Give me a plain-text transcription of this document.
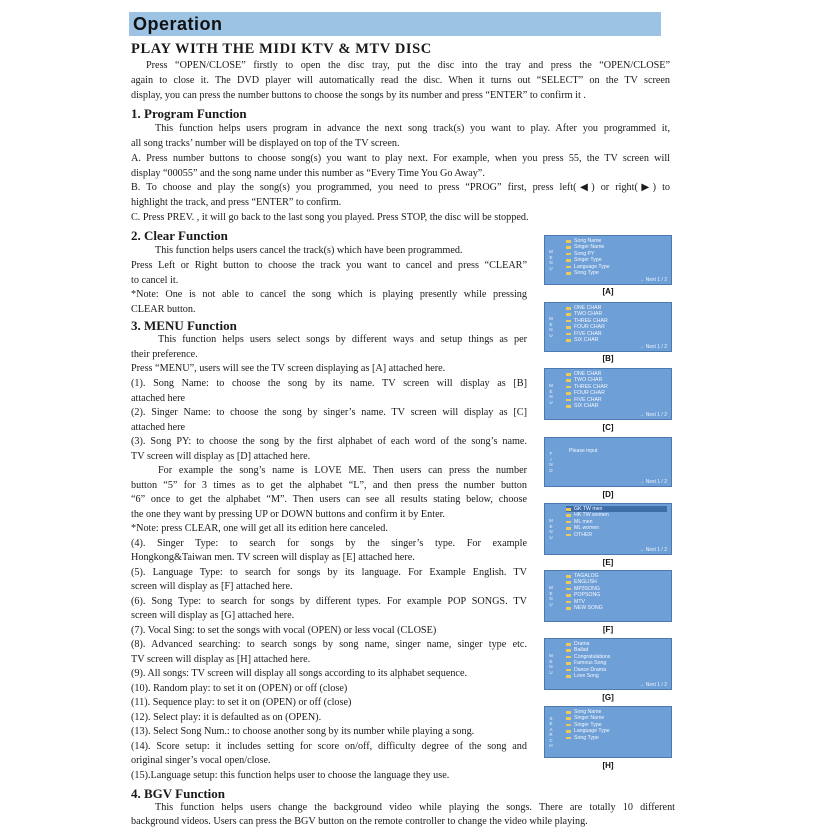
Operation
PLAY WITH THE MIDI KTV & MTV DISC
Press “OPEN/CLOSE” firstly to open the disc tray, put the disc into the tray and press the “OPEN/CLOSE”
again to close it. The DVD player will automatically read the disc. When it turns out “SELECT” on the TV screen
display, you can press the number buttons to choose the songs by its number and press “ENTER” to confirm it .
1. Program Function
This function helps users program in advance the next song track(s) you want to play. After you programmed it,
all song tracks’ number will be displayed on top of the TV screen.
A. Press number buttons to choose song(s) you want to play next. For example, when you press 55, the TV screen will
display “00055” and the song name under this number as “Every Time You Go Away”.
B. To choose and play the song(s) you programmed, you need to press “PROG” first, press left(◀) or right(▶) to
highlight the track, and press “ENTER” to confirm.
C. Press PREV. , it will go back to the last song you played. Press STOP, the disc will be stopped.
2. Clear Function
This function helps users cancel the track(s) which have been programmed.
Press Left or Right button to choose the track you want to cancel and press “CLEAR”
to cancel it.
*Note: One is not able to cancel the song which is playing presently while pressing
CLEAR button.
3. MENU Function
This function helps users select songs by different ways and setup things as per
their preference.
Press “MENU”, users will see the TV screen displaying as [A] attached here.
(1). Song Name: to choose the song by its name. TV screen will display as [B]
attached here
(2). Singer Name: to choose the song by singer’s name. TV screen will display as [C]
attached here
(3). Song PY: to choose the song by the first alphabet of each word of the song’s name.
TV screen will display as [D] attached here.
For example the song’s name is LOVE ME. Then users can press the number
button “5” for 3 times as to get the alphabet “L”, and then press the number button
“6” once to get the alphabet “M”. Then users can see all results stating below, choose
the one they want by pressing UP or DOWN buttons and confirm it by Enter.
*Note: press CLEAR, one will get all its edition here canceled.
(4). Singer Type: to search for songs by the singer’s type. For example
Hongkong&Taiwan men. TV screen will display as [E] attached here.
(5). Language Type: to search for songs by its language. For Example English. TV
screen will display as [F] attached here.
(6). Song Type: to search for songs by different types. For example POP SONGS. TV
screen will display as [G] attached here.
(7). Vocal Sing: to set the songs with vocal (OPEN) or less vocal (CLOSE)
(8). Advanced searching: to search songs by song name, singer name, singer type etc.
TV screen will display as [H] attached here.
(9). All songs: TV screen will display all songs according to its alphabet sequence.
(10). Random play: to set it on (OPEN) or off (close)
(11). Sequence play: to set it on (OPEN) or off (close)
(12). Select play: it is defaulted as on (OPEN).
(13). Select Song Num.: to choose another song by its number while playing a song.
(14). Score setup: it includes setting for score on/off, difficulty degree of the song and
original singer’s vocal open/close.
(15).Language setup: this function helps user to choose the language they use.
4. BGV Function
This function helps users change the background video while playing the songs. There are totally 10 different
background videos. Users can press the BGV button on the remote controller to change the video while playing.
M
E
N
U
Song Name
Singer Name
Song PY
Singer Type
Language Type
Song Type
→ Next 1 / 2
[A]
M
E
N
U
ONE CHAR
TWO CHAR
THREE CHAR
FOUR CHAR
FIVE CHAR
SIX CHAR
→ Next 1 / 2
[B]
M
E
N
U
ONE CHAR
TWO CHAR
THREE CHAR
FOUR CHAR
FIVE CHAR
SIX CHAR
→ Next 1 / 2
[C]
F
I
N
D
Please input
→ Next 1 / 2
[D]
M
E
N
U
GK TW men
HK TW women
ML men
ML women
OTHER
→ Next 1 / 2
[E]
M
E
N
U
TAGALOG
ENGLISH
MP3SONG
POPSONG
MTV
NEW SONG
[F]
M
E
N
U
Drama
Ballad
Congratulations
Famous Song
Dance Drama
Love Song
→ Next 1 / 2
[G]
S
E
A
R
C
H
Song Name
Singer Name
Singer Type
Language Type
Song Type
[H]
